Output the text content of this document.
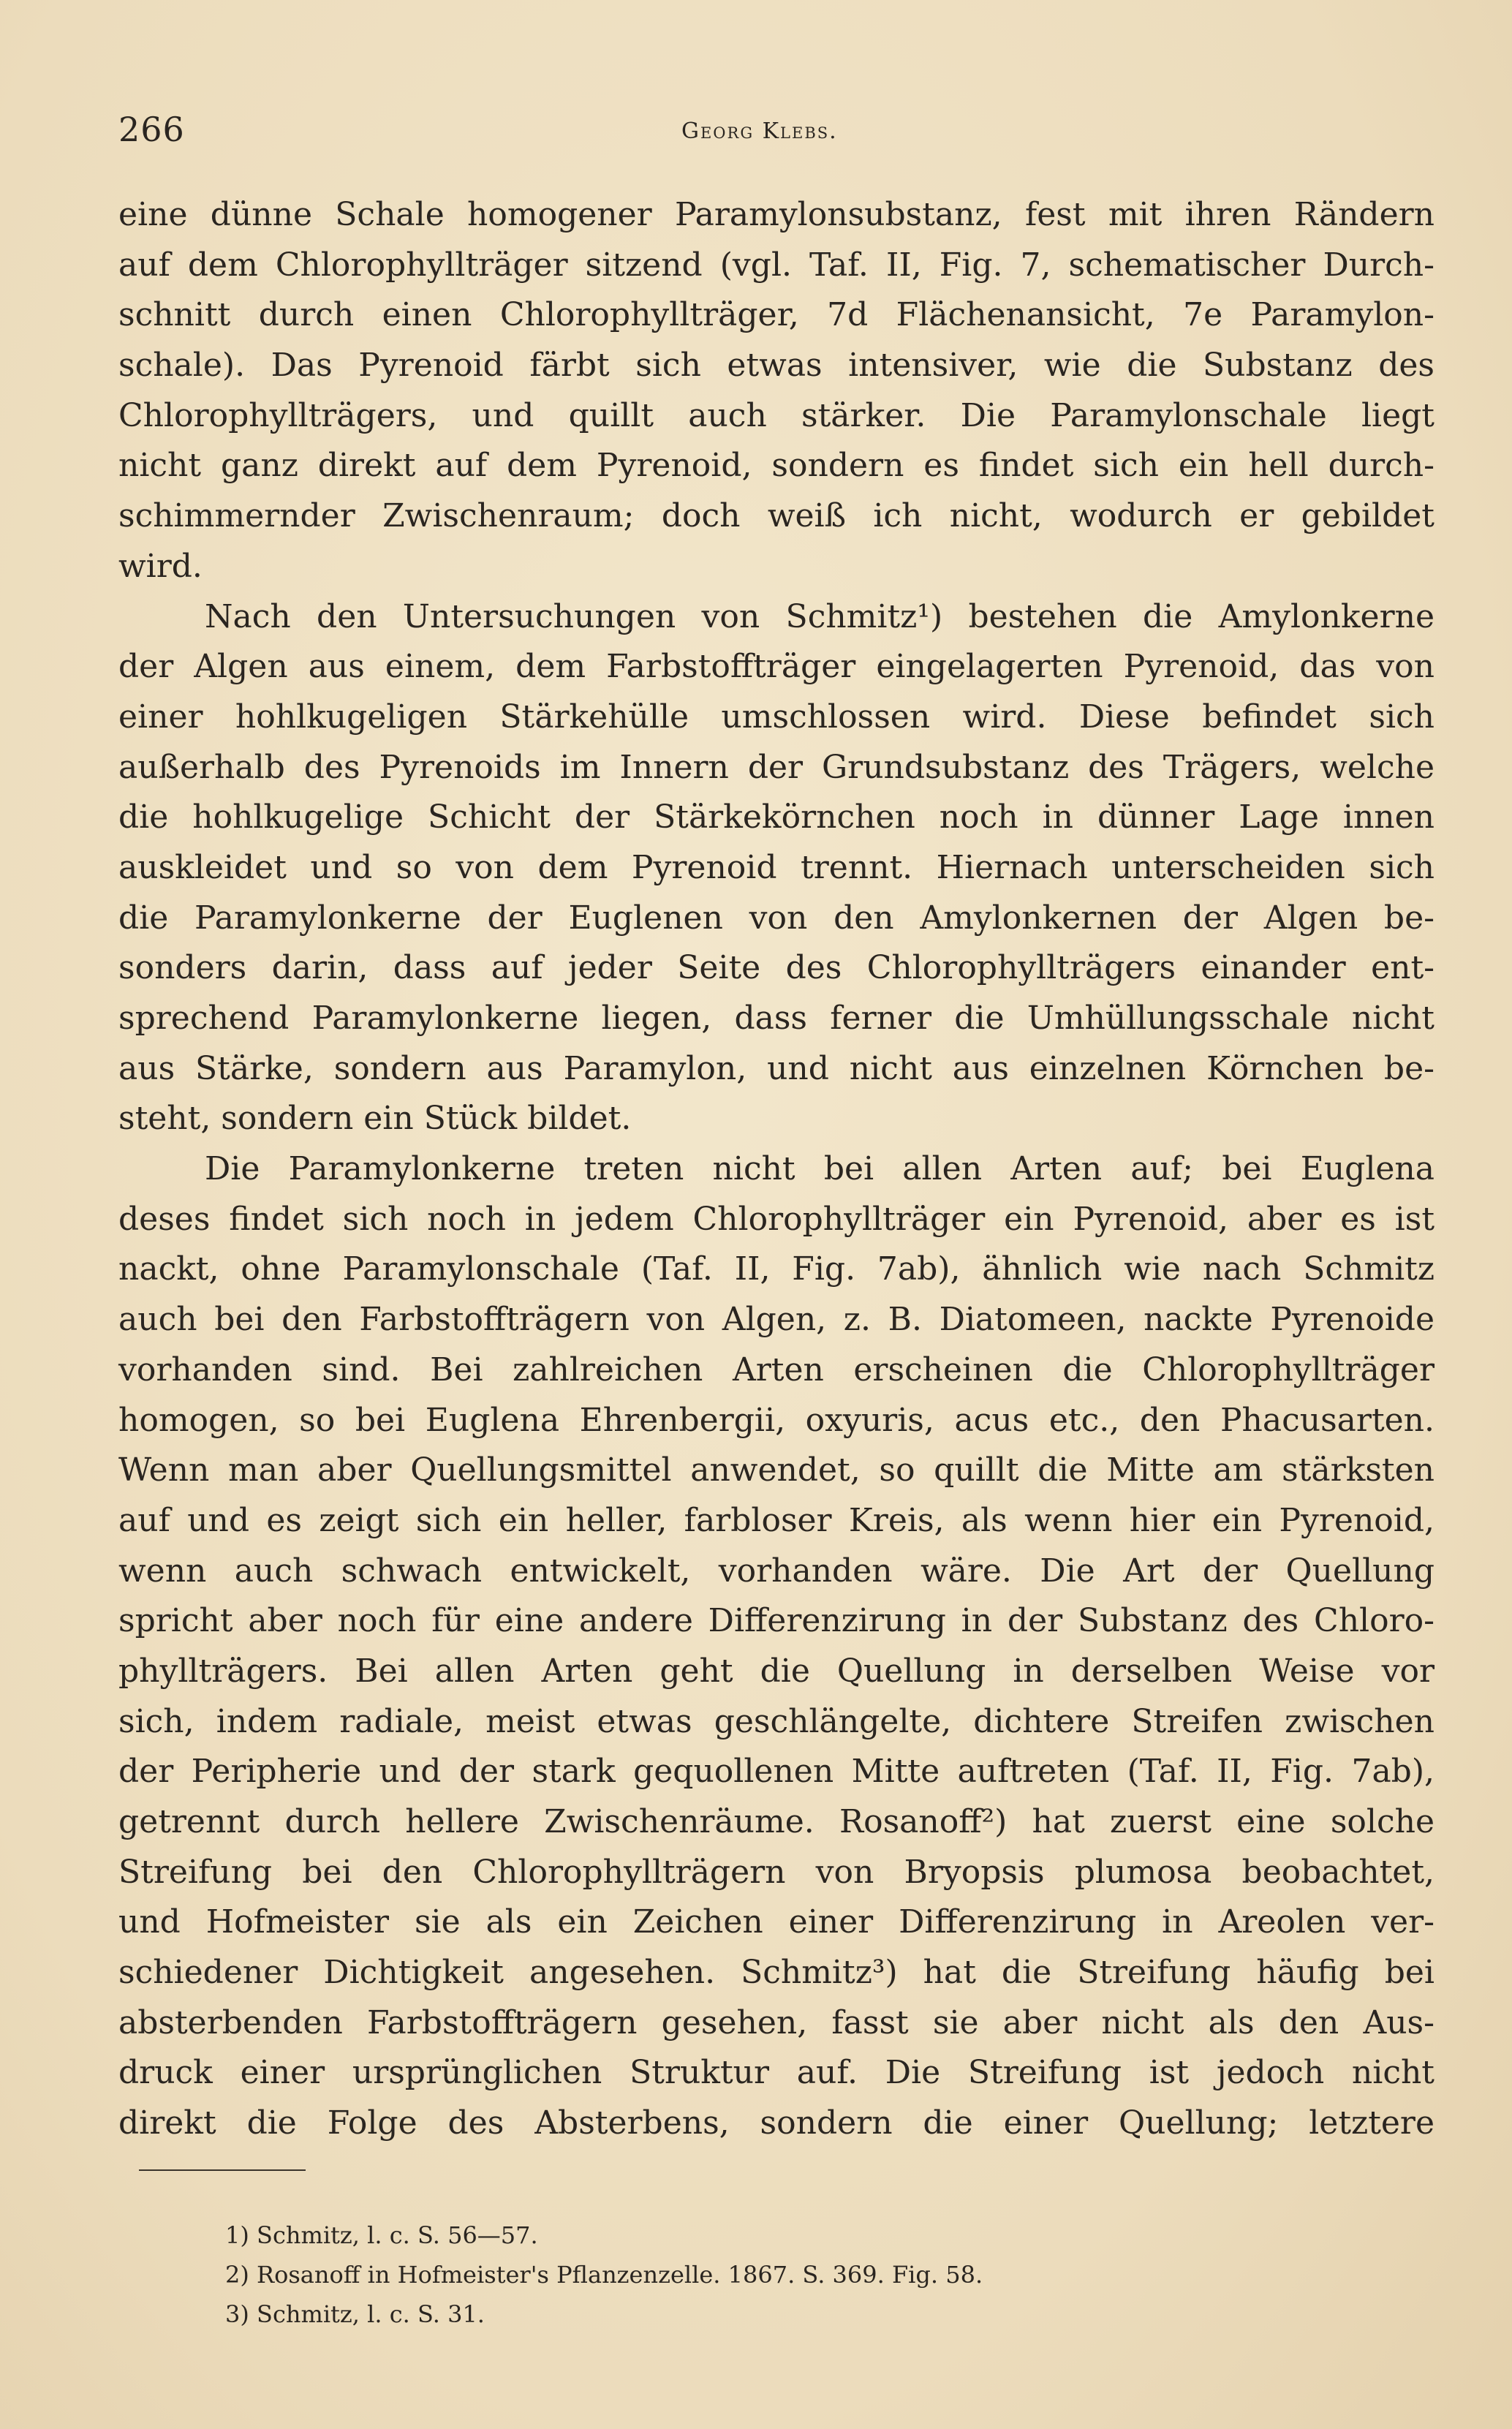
266	Georg Klebs.
eine dünne Schale homogener Paramylonsubstanz, fest mit ihren Rändern
auf dem Chlorophyllträger sitzend (vgl. Taf. II, Fig. 7, schematischer Durch-
schnitt durch einen Chlorophyllträger, 7d Flächenansicht, 7e Paramylon-
schale). Das Pyrenoid färbt sich etwas intensiver, wie die Substanz des
Chlorophyllträgers, und quillt auch stärker. Die Paramylonschale liegt
nicht ganz direkt auf dem Pyrenoid, sondern es findet sich ein hell durch-
schimmernder Zwischenraum; doch weiß ich nicht, wodurch er gebildet
wird.
Nach den Untersuchungen von Schmitz¹) bestehen die Amylonkerne
der Algen aus einem, dem Farbstoffträger eingelagerten Pyrenoid, das von
einer hohlkugeligen Stärkehülle umschlossen wird. Diese befindet sich
außerhalb des Pyrenoids im Innern der Grundsubstanz des Trägers, welche
die hohlkugelige Schicht der Stärkekörnchen noch in dünner Lage innen
auskleidet und so von dem Pyrenoid trennt. Hiernach unterscheiden sich
die Paramylonkerne der Euglenen von den Amylonkernen der Algen be-
sonders darin, dass auf jeder Seite des Chlorophyllträgers einander ent-
sprechend Paramylonkerne liegen, dass ferner die Umhüllungsschale nicht
aus Stärke, sondern aus Paramylon, und nicht aus einzelnen Körnchen be-
steht, sondern ein Stück bildet.
Die Paramylonkerne treten nicht bei allen Arten auf; bei Euglena
deses findet sich noch in jedem Chlorophyllträger ein Pyrenoid, aber es ist
nackt, ohne Paramylonschale (Taf. II, Fig. 7ab), ähnlich wie nach Schmitz
auch bei den Farbstoffträgern von Algen, z. B. Diatomeen, nackte Pyrenoide
vorhanden sind. Bei zahlreichen Arten erscheinen die Chlorophyllträger
homogen, so bei Euglena Ehrenbergii, oxyuris, acus etc., den Phacusarten.
Wenn man aber Quellungsmittel anwendet, so quillt die Mitte am stärksten
auf und es zeigt sich ein heller, farbloser Kreis, als wenn hier ein Pyrenoid,
wenn auch schwach entwickelt, vorhanden wäre. Die Art der Quellung
spricht aber noch für eine andere Differenzirung in der Substanz des Chloro-
phyllträgers. Bei allen Arten geht die Quellung in derselben Weise vor
sich, indem radiale, meist etwas geschlängelte, dichtere Streifen zwischen
der Peripherie und der stark gequollenen Mitte auftreten (Taf. II, Fig. 7ab),
getrennt durch hellere Zwischenräume. Rosanoff²) hat zuerst eine solche
Streifung bei den Chlorophyllträgern von Bryopsis plumosa beobachtet,
und Hofmeister sie als ein Zeichen einer Differenzirung in Areolen ver-
schiedener Dichtigkeit angesehen. Schmitz³) hat die Streifung häufig bei
absterbenden Farbstoffträgern gesehen, fasst sie aber nicht als den Aus-
druck einer ursprünglichen Struktur auf. Die Streifung ist jedoch nicht
direkt die Folge des Absterbens, sondern die einer Quellung; letztere
1) Schmitz, l. c. S. 56—57.
2) Rosanoff in Hofmeister's Pflanzenzelle. 1867. S. 369. Fig. 58.
3) Schmitz, l. c. S. 31.
